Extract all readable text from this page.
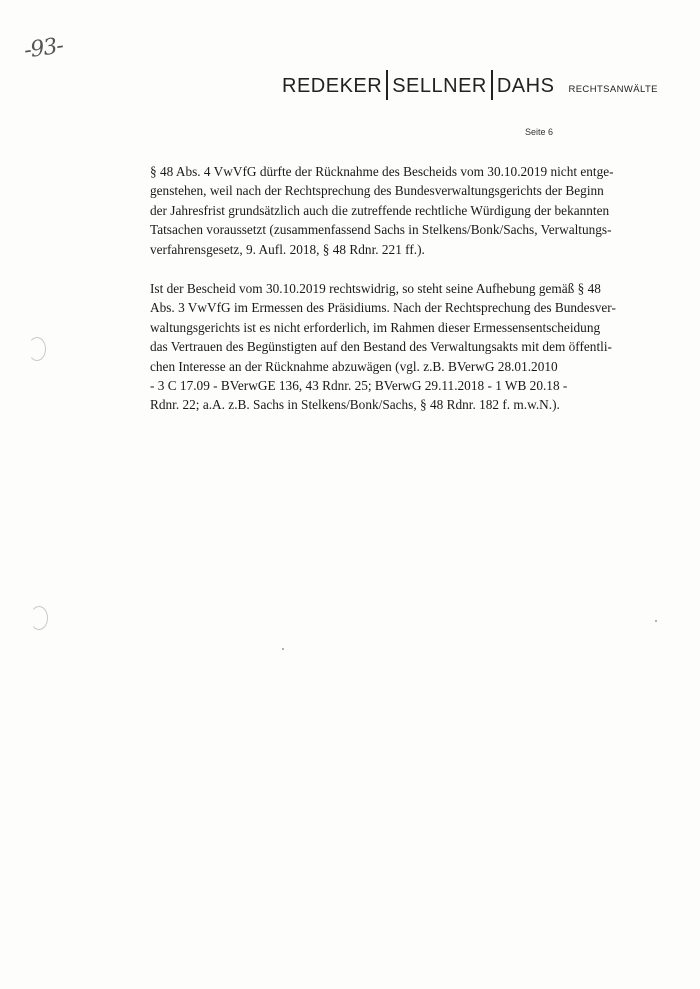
-93-
REDEKER SELLNER DAHS RECHTSANWÄLTE
Seite 6

§ 48 Abs. 4 VwVfG dürfte der Rücknahme des Bescheids vom 30.10.2019 nicht entge-
genstehen, weil nach der Rechtsprechung des Bundesverwaltungsgerichts der Beginn
der Jahresfrist grundsätzlich auch die zutreffende rechtliche Würdigung der bekannten
Tatsachen voraussetzt (zusammenfassend Sachs in Stelkens/Bonk/Sachs, Verwaltungs-
verfahrensgesetz, 9. Aufl. 2018, § 48 Rdnr. 221 ff.).

Ist der Bescheid vom 30.10.2019 rechtswidrig, so steht seine Aufhebung gemäß § 48
Abs. 3 VwVfG im Ermessen des Präsidiums. Nach der Rechtsprechung des Bundesver-
waltungsgerichts ist es nicht erforderlich, im Rahmen dieser Ermessensentscheidung
das Vertrauen des Begünstigten auf den Bestand des Verwaltungsakts mit dem öffentli-
chen Interesse an der Rücknahme abzuwägen (vgl. z.B. BVerwG 28.01.2010
- 3 C 17.09 - BVerwGE 136, 43 Rdnr. 25; BVerwG 29.11.2018 - 1 WB 20.18 -
Rdnr. 22; a.A. z.B. Sachs in Stelkens/Bonk/Sachs, § 48 Rdnr. 182 f. m.w.N.).
